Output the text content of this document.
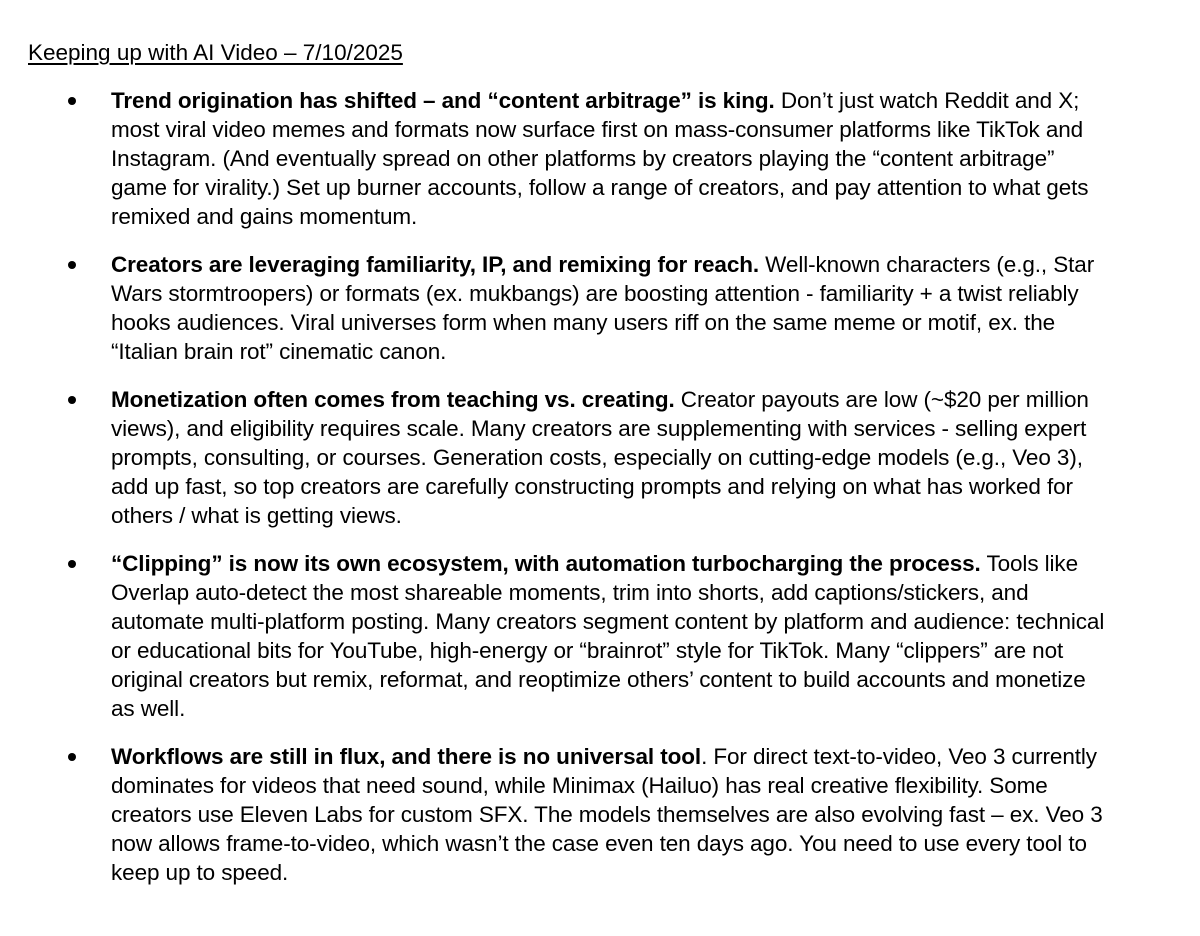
Keeping up with AI Video – 7/10/2025
Trend origination has shifted – and “content arbitrage” is king. Don’t just watch Reddit and X; most viral video memes and formats now surface first on mass-consumer platforms like TikTok and Instagram. (And eventually spread on other platforms by creators playing the “content arbitrage” game for virality.) Set up burner accounts, follow a range of creators, and pay attention to what gets remixed and gains momentum.
Creators are leveraging familiarity, IP, and remixing for reach. Well-known characters (e.g., Star Wars stormtroopers) or formats (ex. mukbangs) are boosting attention - familiarity + a twist reliably hooks audiences. Viral universes form when many users riff on the same meme or motif, ex. the “Italian brain rot” cinematic canon.
Monetization often comes from teaching vs. creating. Creator payouts are low (~$20 per million views), and eligibility requires scale. Many creators are supplementing with services - selling expert prompts, consulting, or courses. Generation costs, especially on cutting-edge models (e.g., Veo 3), add up fast, so top creators are carefully constructing prompts and relying on what has worked for others / what is getting views.
“Clipping” is now its own ecosystem, with automation turbocharging the process. Tools like Overlap auto-detect the most shareable moments, trim into shorts, add captions/stickers, and automate multi-platform posting. Many creators segment content by platform and audience: technical or educational bits for YouTube, high-energy or “brainrot” style for TikTok. Many “clippers” are not original creators but remix, reformat, and reoptimize others’ content to build accounts and monetize as well.
Workflows are still in flux, and there is no universal tool. For direct text-to-video, Veo 3 currently dominates for videos that need sound, while Minimax (Hailuo) has real creative flexibility. Some creators use Eleven Labs for custom SFX. The models themselves are also evolving fast – ex. Veo 3 now allows frame-to-video, which wasn’t the case even ten days ago. You need to use every tool to keep up to speed.
